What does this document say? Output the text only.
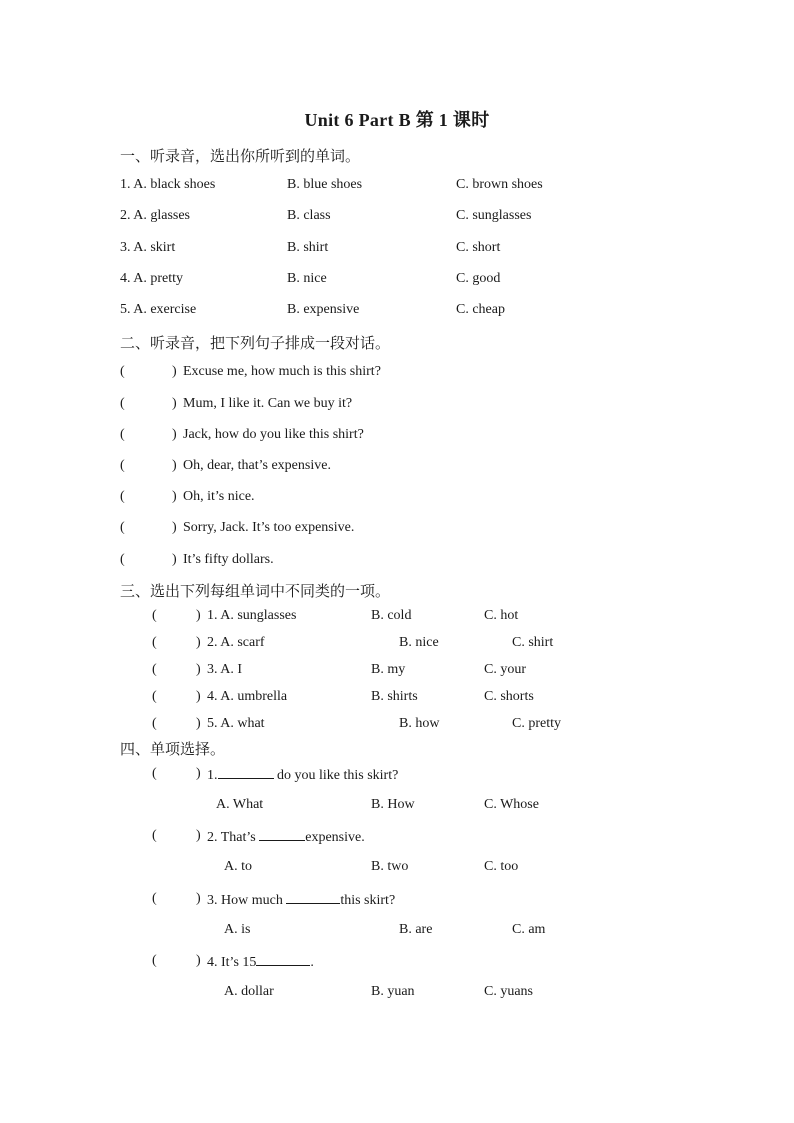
Unit 6 Part B 第 1 课时
一、听录音，选出你所听到的单词。
1. A. black shoes	B. blue shoes	C. brown shoes
2. A. glasses	B. class	C. sunglasses
3. A. skirt	B. shirt	C. short
4. A. pretty	B. nice	C. good
5. A. exercise	B. expensive	C. cheap
二、听录音，把下列句子排成一段对话。
(	) Excuse me, how much is this shirt?
(	) Mum, I like it. Can we buy it?
(	) Jack, how do you like this shirt?
(	) Oh, dear, that’s expensive.
(	) Oh, it’s nice.
(	) Sorry, Jack. It’s too expensive.
(	) It’s fifty dollars.
三、选出下列每组单词中不同类的一项。
(	) 1. A. sunglasses	B. cold	C. hot
(	) 2. A. scarf	B. nice	C. shirt
(	) 3. A. I	B. my	C. your
(	) 4. A. umbrella	B. shirts	C. shorts
(	) 5. A. what	B. how	C. pretty
四、单项选择。
(	) 1.	do you like this skirt?
A. What	B. How	C. Whose
(	) 2. That’s	expensive.
A. to	B. two	C. too
(	) 3. How much	this skirt?
A. is	B. are	C. am
(	) 4. It’s 15	.
A. dollar	B. yuan	C. yuans
